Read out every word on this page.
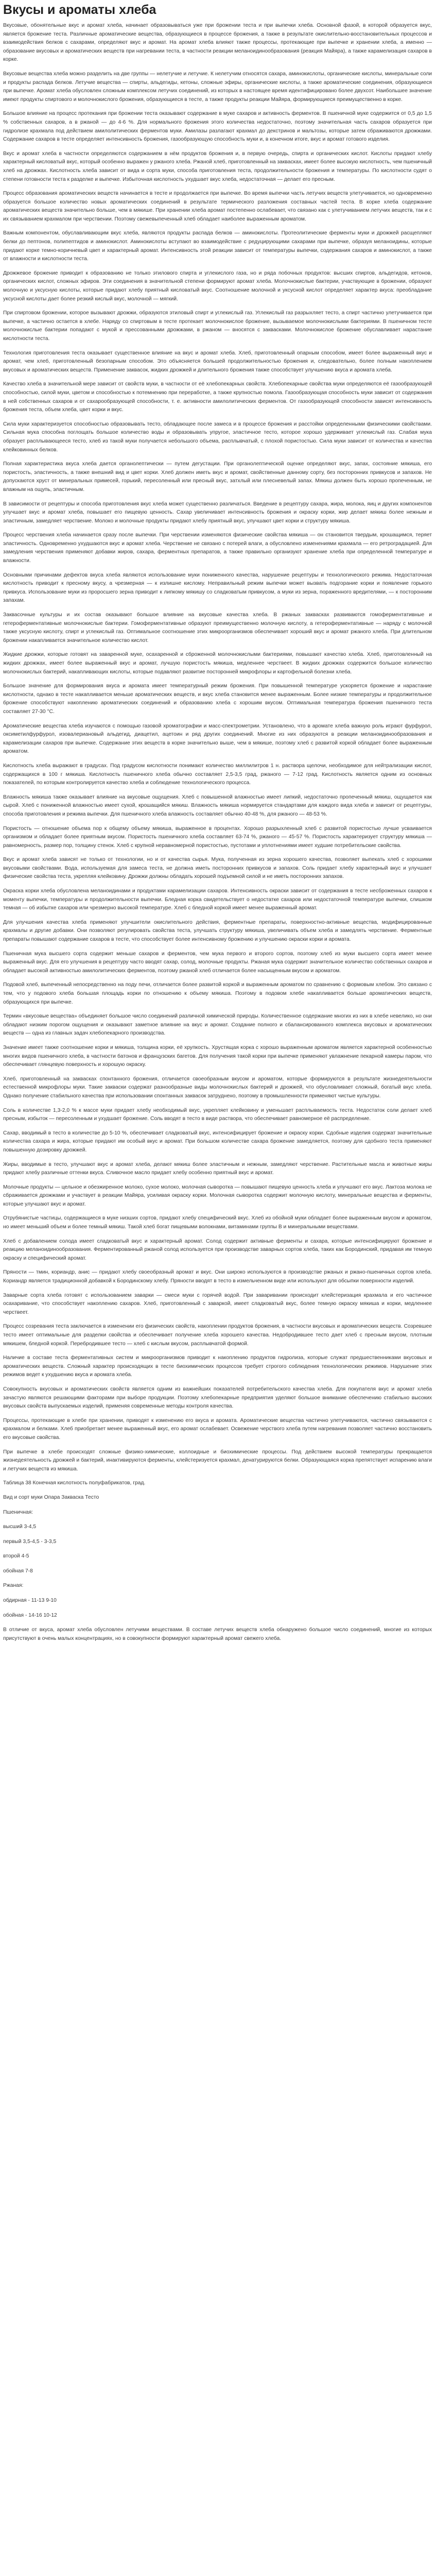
Вкусы и ароматы хлеба

Вкусовые, обонятельные вкус и аромат хлеба, начинает образовываться уже при брожении теста и при выпечки хлеба. Основной фазой, в которой образуется вкус, является брожение теста. Различные ароматические вещества, образующиеся в процессе брожения, а также в результате окислительно-восстановительных процессов и взаимодействия белков с сахарами, определяют вкус и аромат. На аромат хлеба влияют также процессы, протекающие при выпечке и хранении хлеба, а именно — образование вкусовых и ароматических веществ при нагревании теста, в частности реакции меланоидинообразования (реакция Майяра), а также карамелизация сахаров в корке.

Вкусовые вещества хлеба можно разделить на две группы — нелетучие и летучие. К нелетучим относятся сахара, аминокислоты, органические кислоты, минеральные соли и продукты распада белков. Летучие вещества — спирты, альдегиды, кетоны, сложные эфиры, органические кислоты, а также ароматические соединения, образующиеся при выпечке. Аромат хлеба обусловлен сложным комплексом летучих соединений, из которых в настоящее время идентифицировано более двухсот. Наибольшее значение имеют продукты спиртового и молочнокислого брожения, образующиеся в тесте, а также продукты реакции Майяра, формирующиеся преимущественно в корке.

Большое влияние на процесс протекания при брожении теста оказывают содержание в муке сахаров и активность ферментов. В пшеничной муке содержится от 0,5 до 1,5 % собственных сахаров, а в ржаной — до 4-6 %. Для нормального брожения этого количества недостаточно, поэтому значительная часть сахаров образуется при гидролизе крахмала под действием амилолитических ферментов муки. Амилазы разлагают крахмал до декстринов и мальтозы, которые затем сбраживаются дрожжами. Содержание сахаров в тесте определяет интенсивность брожения, газообразующую способность муки и, в конечном итоге, вкус и аромат готового изделия.

Вкус и аромат хлеба в частности определяются содержанием в нём продуктов брожения и, в первую очередь, спирта и органических кислот. Кислоты придают хлебу характерный кисловатый вкус, который особенно выражен у ржаного хлеба. Ржаной хлеб, приготовленный на заквасках, имеет более высокую кислотность, чем пшеничный хлеб на дрожжах. Кислотность хлеба зависит от вида и сорта муки, способа приготовления теста, продолжительности брожения и температуры. По кислотности судят о степени готовности теста к разделке и выпечке. Избыточная кислотность ухудшает вкус хлеба, недостаточная — делает его пресным.

Процесс образования ароматических веществ начинается в тесте и продолжается при выпечке. Во время выпечки часть летучих веществ улетучивается, но одновременно образуется большое количество новых ароматических соединений в результате термического разложения составных частей теста. В корке хлеба содержание ароматических веществ значительно больше, чем в мякише. При хранении хлеба аромат постепенно ослабевает, что связано как с улетучиванием летучих веществ, так и с их связыванием крахмалом при черствении. Поэтому свежевыпеченный хлеб обладает наиболее выраженным ароматом.

Важным компонентом, обуславливающим вкус хлеба, являются продукты распада белков — аминокислоты. Протеолитические ферменты муки и дрожжей расщепляют белки до пептонов, полипептидов и аминокислот. Аминокислоты вступают во взаимодействие с редуцирующими сахарами при выпечке, образуя меланоидины, которые придают корке темно-коричневый цвет и характерный аромат. Интенсивность этой реакции зависит от температуры выпечки, содержания сахаров и аминокислот, а также от влажности и кислотности теста.

Дрожжевое брожение приводит к образованию не только этилового спирта и углекислого газа, но и ряда побочных продуктов: высших спиртов, альдегидов, кетонов, органических кислот, сложных эфиров. Эти соединения в значительной степени формируют аромат хлеба. Молочнокислые бактерии, участвующие в брожении, образуют молочную и уксусную кислоты, которые придают хлебу приятный кисловатый вкус. Соотношение молочной и уксусной кислот определяет характер вкуса: преобладание уксусной кислоты дает более резкий кислый вкус, молочной — мягкий.

При спиртовом брожении, которое вызывают дрожжи, образуются этиловый спирт и углекислый газ. Углекислый газ разрыхляет тесто, а спирт частично улетучивается при выпечке, а частично остается в хлебе. Наряду со спиртовым в тесте протекает молочнокислое брожение, вызываемое молочнокислыми бактериями. В пшеничном тесте молочнокислые бактерии попадают с мукой и прессованными дрожжами, в ржаном — вносятся с заквасками. Молочнокислое брожение обуславливает нарастание кислотности теста.

Технология приготовления теста оказывает существенное влияние на вкус и аромат хлеба. Хлеб, приготовленный опарным способом, имеет более выраженный вкус и аромат, чем хлеб, приготовленный безопарным способом. Это объясняется большей продолжительностью брожения и, следовательно, более полным накоплением вкусовых и ароматических веществ. Применение заквасок, жидких дрожжей и длительного брожения также способствует улучшению вкуса и аромата хлеба.

Качество хлеба в значительной мере зависит от свойств муки, в частности от её хлебопекарных свойств. Хлебопекарные свойства муки определяются её газообразующей способностью, силой муки, цветом и способностью к потемнению при переработке, а также крупностью помола. Газообразующая способность муки зависит от содержания в ней собственных сахаров и от сахарообразующей способности, т. е. активности амилолитических ферментов. От газообразующей способности зависят интенсивность брожения теста, объем хлеба, цвет корки и вкус.

Сила муки характеризуется способностью образовывать тесто, обладающее после замеса и в процессе брожения и расстойки определенными физическими свойствами. Сильная мука способна поглощать большое количество воды и образовывать упругое, эластичное тесто, которое хорошо удерживает углекислый газ. Слабая мука образует расплывающееся тесто, хлеб из такой муки получается небольшого объема, расплывчатый, с плохой пористостью. Сила муки зависит от количества и качества клейковинных белков.

Полная характеристика вкуса хлеба дается органолептически — путем дегустации. При органолептической оценке определяют вкус, запах, состояние мякиша, его пористость, эластичность, а также внешний вид и цвет корки. Хлеб должен иметь вкус и аромат, свойственные данному сорту, без посторонних привкусов и запахов. Не допускаются хруст от минеральных примесей, горький, пересоленный или пресный вкус, затхлый или плесневелый запах. Мякиш должен быть хорошо пропеченным, не влажным на ощупь, эластичным.

В зависимости от рецептуры и способа приготовления вкус хлеба может существенно различаться. Введение в рецептуру сахара, жира, молока, яиц и других компонентов улучшает вкус и аромат хлеба, повышает его пищевую ценность. Сахар увеличивает интенсивность брожения и окраску корки, жир делает мякиш более нежным и эластичным, замедляет черствение. Молоко и молочные продукты придают хлебу приятный вкус, улучшают цвет корки и структуру мякиша.

Процесс черствения хлеба начинается сразу после выпечки. При черствении изменяются физические свойства мякиша — он становится твердым, крошащимся, теряет эластичность. Одновременно ухудшаются вкус и аромат хлеба. Черствение не связано с потерей влаги, а обусловлено изменениями крахмала — его ретроградацией. Для замедления черствения применяют добавки жиров, сахара, ферментных препаратов, а также правильно организуют хранение хлеба при определенной температуре и влажности.

Основными причинами дефектов вкуса хлеба являются использование муки пониженного качества, нарушение рецептуры и технологического режима. Недостаточная кислотность приводит к пресному вкусу, а чрезмерная — к излишне кислому. Неправильный режим выпечки может вызвать подгорание корки и появление горького привкуса. Использование муки из проросшего зерна приводит к липкому мякишу со сладковатым привкусом, а муки из зерна, пораженного вредителями, — к посторонним запахам.

Заквасочные культуры и их состав оказывают большое влияние на вкусовые качества хлеба. В ржаных заквасках развиваются гомоферментативные и гетероферментативные молочнокислые бактерии. Гомоферментативные образуют преимущественно молочную кислоту, а гетероферментативные — наряду с молочной также уксусную кислоту, спирт и углекислый газ. Оптимальное соотношение этих микроорганизмов обеспечивает хороший вкус и аромат ржаного хлеба. При длительном брожении накапливается значительное количество кислот.

Жидкие дрожжи, которые готовят на заваренной муке, осахаренной и сброженной молочнокислыми бактериями, повышают качество хлеба. Хлеб, приготовленный на жидких дрожжах, имеет более выраженный вкус и аромат, лучшую пористость мякиша, медленнее черствеет. В жидких дрожжах содержится большое количество молочнокислых бактерий, накапливающих кислоты, которые подавляют развитие посторонней микрофлоры и картофельной болезни хлеба.

Большое значение для формирования вкуса и аромата имеет температурный режим брожения. При повышенной температуре ускоряется брожение и нарастание кислотности, однако в тесте накапливается меньше ароматических веществ, и вкус хлеба становится менее выраженным. Более низкие температуры и продолжительное брожение способствуют накоплению ароматических соединений и образованию хлеба с хорошим вкусом. Оптимальная температура брожения пшеничного теста составляет 27-30 °С.

Ароматические вещества хлеба изучаются с помощью газовой хроматографии и масс-спектрометрии. Установлено, что в аромате хлеба важную роль играют фурфурол, оксиметилфурфурол, изовалериановый альдегид, диацетил, ацетоин и ряд других соединений. Многие из них образуются в реакции меланоидинообразования и карамелизации сахаров при выпечке. Содержание этих веществ в корке значительно выше, чем в мякише, поэтому хлеб с развитой коркой обладает более выраженным ароматом.

Кислотность хлеба выражают в градусах. Под градусом кислотности понимают количество миллилитров 1 н. раствора щелочи, необходимое для нейтрализации кислот, содержащихся в 100 г мякиша. Кислотность пшеничного хлеба обычно составляет 2,5-3,5 град, ржаного — 7-12 град. Кислотность является одним из основных показателей, по которым контролируется качество хлеба и соблюдение технологического процесса.

Влажность мякиша также оказывает влияние на вкусовые ощущения. Хлеб с повышенной влажностью имеет липкий, недостаточно пропеченный мякиш, ощущается как сырой. Хлеб с пониженной влажностью имеет сухой, крошащийся мякиш. Влажность мякиша нормируется стандартами для каждого вида хлеба и зависит от рецептуры, способа приготовления и режима выпечки. Для пшеничного хлеба влажность составляет обычно 40-48 %, для ржаного — 48-53 %.

Пористость — отношение объема пор к общему объему мякиша, выраженное в процентах. Хорошо разрыхленный хлеб с развитой пористостью лучше усваивается организмом и обладает более приятным вкусом. Пористость пшеничного хлеба составляет 63-74 %, ржаного — 45-57 %. Пористость характеризует структуру мякиша — равномерность, размер пор, толщину стенок. Хлеб с крупной неравномерной пористостью, пустотами и уплотнениями имеет худшие потребительские свойства.

Вкус и аромат хлеба зависят не только от технологии, но и от качества сырья. Мука, полученная из зерна хорошего качества, позволяет выпекать хлеб с хорошими вкусовыми свойствами. Вода, используемая для замеса теста, не должна иметь посторонних привкусов и запахов. Соль придает хлебу характерный вкус и улучшает физические свойства теста, укрепляя клейковину. Дрожжи должны обладать хорошей подъемной силой и не иметь посторонних запахов.

Окраска корки хлеба обусловлена меланоидинами и продуктами карамелизации сахаров. Интенсивность окраски зависит от содержания в тесте несброженных сахаров к моменту выпечки, температуры и продолжительности выпечки. Бледная корка свидетельствует о недостатке сахаров или недостаточной температуре выпечки, слишком темная — об избытке сахаров или чрезмерно высокой температуре. Хлеб с бледной коркой имеет менее выраженный аромат.

Для улучшения качества хлеба применяют улучшители окислительного действия, ферментные препараты, поверхностно-активные вещества, модифицированные крахмалы и другие добавки. Они позволяют регулировать свойства теста, улучшать структуру мякиша, увеличивать объем хлеба и замедлять черствение. Ферментные препараты повышают содержание сахаров в тесте, что способствует более интенсивному брожению и улучшению окраски корки и аромата.

Пшеничная мука высшего сорта содержит меньше сахаров и ферментов, чем мука первого и второго сортов, поэтому хлеб из муки высшего сорта имеет менее выраженный вкус. Для его улучшения в рецептуру часто вводят сахар, солод, молочные продукты. Ржаная мука содержит значительное количество собственных сахаров и обладает высокой активностью амилолитических ферментов, поэтому ржаной хлеб отличается более насыщенным вкусом и ароматом.

Подовой хлеб, выпеченный непосредственно на поду печи, отличается более развитой коркой и выраженным ароматом по сравнению с формовым хлебом. Это связано с тем, что у подового хлеба большая площадь корки по отношению к объему мякиша. Поэтому в подовом хлебе накапливается больше ароматических веществ, образующихся при выпечке.

Термин «вкусовые вещества» объединяет большое число соединений различной химической природы. Количественное содержание многих из них в хлебе невелико, но они обладают низким порогом ощущения и оказывают заметное влияние на вкус и аромат. Создание полного и сбалансированного комплекса вкусовых и ароматических веществ — одна из главных задач хлебопекарного производства.

Значение имеет также соотношение корки и мякиша, толщина корки, её хрупкость. Хрустящая корка с хорошо выраженным ароматом является характерной особенностью многих видов пшеничного хлеба, в частности батонов и французских багетов. Для получения такой корки при выпечке применяют увлажнение пекарной камеры паром, что обеспечивает глянцевую поверхность и хорошую окраску.

Хлеб, приготовленный на заквасках спонтанного брожения, отличается своеобразным вкусом и ароматом, которые формируются в результате жизнедеятельности естественной микрофлоры муки. Такие закваски содержат разнообразные виды молочнокислых бактерий и дрожжей, что обусловливает сложный, богатый вкус хлеба. Однако получение стабильного качества при использовании спонтанных заквасок затруднено, поэтому в промышленности применяют чистые культуры.

Соль в количестве 1,3-2,0 % к массе муки придает хлебу необходимый вкус, укрепляет клейковину и уменьшает расплываемость теста. Недостаток соли делает хлеб пресным, избыток — пересоленным и ухудшает брожение. Соль вводят в тесто в виде раствора, что обеспечивает равномерное её распределение.

Сахар, вводимый в тесто в количестве до 5-10 %, обеспечивает сладковатый вкус, интенсифицирует брожение и окраску корки. Сдобные изделия содержат значительные количества сахара и жира, которые придают им особый вкус и аромат. При большом количестве сахара брожение замедляется, поэтому для сдобного теста применяют повышенную дозировку дрожжей.

Жиры, вводимые в тесто, улучшают вкус и аромат хлеба, делают мякиш более эластичным и нежным, замедляют черствение. Растительные масла и животные жиры придают хлебу различные оттенки вкуса. Сливочное масло придает хлебу особенно приятный вкус и аромат.

Молочные продукты — цельное и обезжиренное молоко, сухое молоко, молочная сыворотка — повышают пищевую ценность хлеба и улучшают его вкус. Лактоза молока не сбраживается дрожжами и участвует в реакции Майяра, усиливая окраску корки. Молочная сыворотка содержит молочную кислоту, минеральные вещества и ферменты, которые улучшают вкус и аромат.

Отрубянистые частицы, содержащиеся в муке низших сортов, придают хлебу специфический вкус. Хлеб из обойной муки обладает более выраженным вкусом и ароматом, но имеет меньший объем и более темный мякиш. Такой хлеб богат пищевыми волокнами, витаминами группы В и минеральными веществами.

Хлеб с добавлением солода имеет сладковатый вкус и характерный аромат. Солод содержит активные ферменты и сахара, которые интенсифицируют брожение и реакцию меланоидинообразования. Ферментированный ржаной солод используется при производстве заварных сортов хлеба, таких как Бородинский, придавая им темную окраску и специфический аромат.

Пряности — тмин, кориандр, анис — придают хлебу своеобразный аромат и вкус. Они широко используются в производстве ржаных и ржано-пшеничных сортов хлеба. Кориандр является традиционной добавкой к Бородинскому хлебу. Пряности вводят в тесто в измельченном виде или используют для обсыпки поверхности изделий.

Заварные сорта хлеба готовят с использованием заварки — смеси муки с горячей водой. При заваривании происходит клейстеризация крахмала и его частичное осахаривание, что способствует накоплению сахаров. Хлеб, приготовленный с заваркой, имеет сладковатый вкус, более темную окраску мякиша и корки, медленнее черствеет.

Процесс созревания теста заключается в изменении его физических свойств, накоплении продуктов брожения, в частности вкусовых и ароматических веществ. Созревшее тесто имеет оптимальные для разделки свойства и обеспечивает получение хлеба хорошего качества. Недобродившее тесто дает хлеб с пресным вкусом, плотным мякишем, бледной коркой. Перебродившее тесто — хлеб с кислым вкусом, расплывчатой формой.

Наличие в составе теста ферментативных систем и микроорганизмов приводит к накоплению продуктов гидролиза, которые служат предшественниками вкусовых и ароматических веществ. Сложный характер происходящих в тесте биохимических процессов требует строгого соблюдения технологических режимов. Нарушение этих режимов ведет к ухудшению вкуса и аромата хлеба.

Совокупность вкусовых и ароматических свойств является одним из важнейших показателей потребительского качества хлеба. Для покупателя вкус и аромат хлеба зачастую являются решающими факторами при выборе продукции. Поэтому хлебопекарные предприятия уделяют большое внимание обеспечению стабильно высоких вкусовых свойств выпускаемых изделий, применяя современные методы контроля качества.

Процессы, протекающие в хлебе при хранении, приводят к изменению его вкуса и аромата. Ароматические вещества частично улетучиваются, частично связываются с крахмалом и белками. Хлеб приобретает менее выраженный вкус, его аромат ослабевает. Освежение черствого хлеба путем нагревания позволяет частично восстановить его вкусовые свойства.

При выпечке в хлебе происходят сложные физико-химические, коллоидные и биохимические процессы. Под действием высокой температуры прекращается жизнедеятельность дрожжей и бактерий, инактивируются ферменты, клейстеризуется крахмал, денатурируются белки. Образующаяся корка препятствует испарению влаги и летучих веществ из мякиша.

Таблица 38 Конечная кислотность полуфабрикатов, град.

Вид и сорт муки Опара Закваска Тесто

Пшеничная:

высший 3-4,5

первый 3,5-4,5 - 3-3,5

второй 4-5

обойная 7-8

Ржаная:

обдирная - 11-13 9-10

обойная - 14-16 10-12

В отличие от вкуса, аромат хлеба обусловлен летучими веществами. В составе летучих веществ хлеба обнаружено большое число соединений, многие из которых присутствуют в очень малых концентрациях, но в совокупности формируют характерный аромат свежего хлеба.
